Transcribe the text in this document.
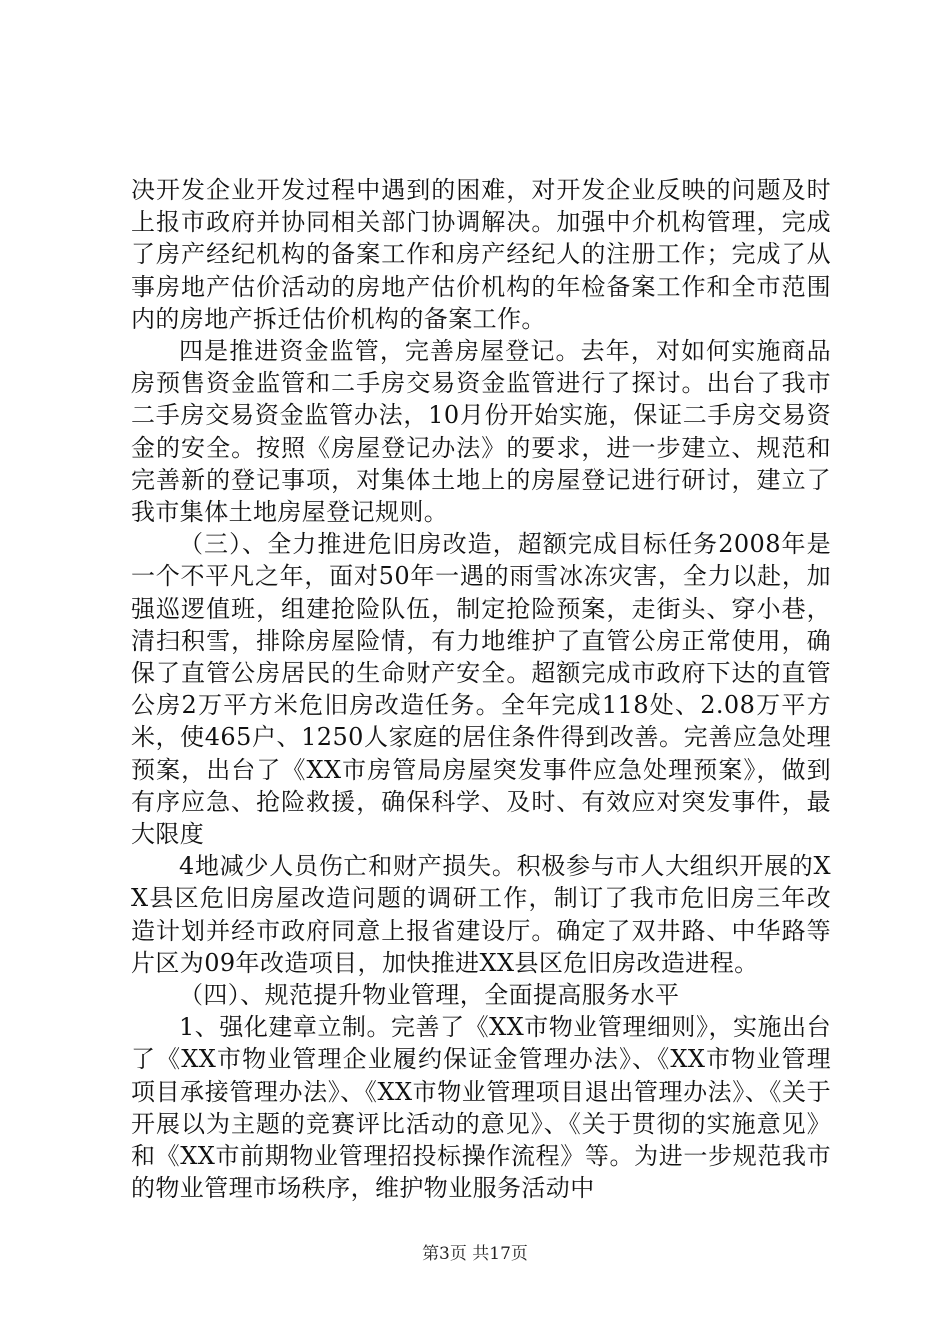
决开发企业开发过程中遇到的困难，对开发企业反映的问题及时上报市政府并协同相关部门协调解决。加强中介机构管理，完成了房产经纪机构的备案工作和房产经纪人的注册工作；完成了从事房地产估价活动的房地产估价机构的年检备案工作和全市范围内的房地产拆迁估价机构的备案工作。

四是推进资金监管，完善房屋登记。去年，对如何实施商品房预售资金监管和二手房交易资金监管进行了探讨。出台了我市二手房交易资金监管办法，10月份开始实施，保证二手房交易资金的安全。按照《房屋登记办法》的要求，进一步建立、规范和完善新的登记事项，对集体土地上的房屋登记进行研讨，建立了我市集体土地房屋登记规则。

（三）、全力推进危旧房改造，超额完成目标任务2008年是一个不平凡之年，面对50年一遇的雨雪冰冻灾害，全力以赴，加强巡逻值班，组建抢险队伍，制定抢险预案，走街头、穿小巷，清扫积雪，排除房屋险情，有力地维护了直管公房正常使用，确保了直管公房居民的生命财产安全。超额完成市政府下达的直管公房2万平方米危旧房改造任务。全年完成118处、2.08万平方米，使465户、1250人家庭的居住条件得到改善。完善应急处理预案，出台了《XX市房管局房屋突发事件应急处理预案》，做到有序应急、抢险救援，确保科学、及时、有效应对突发事件，最大限度

4地减少人员伤亡和财产损失。积极参与市人大组织开展的XX县区危旧房屋改造问题的调研工作，制订了我市危旧房三年改造计划并经市政府同意上报省建设厅。确定了双井路、中华路等片区为09年改造项目，加快推进XX县区危旧房改造进程。

（四）、规范提升物业管理，全面提高服务水平

1、强化建章立制。完善了《XX市物业管理细则》，实施出台了《XX市物业管理企业履约保证金管理办法》、《XX市物业管理项目承接管理办法》、《XX市物业管理项目退出管理办法》、《关于开展以为主题的竞赛评比活动的意见》、《关于贯彻的实施意见》和《XX市前期物业管理招投标操作流程》等。为进一步规范我市的物业管理市场秩序，维护物业服务活动中

第3页 共17页
